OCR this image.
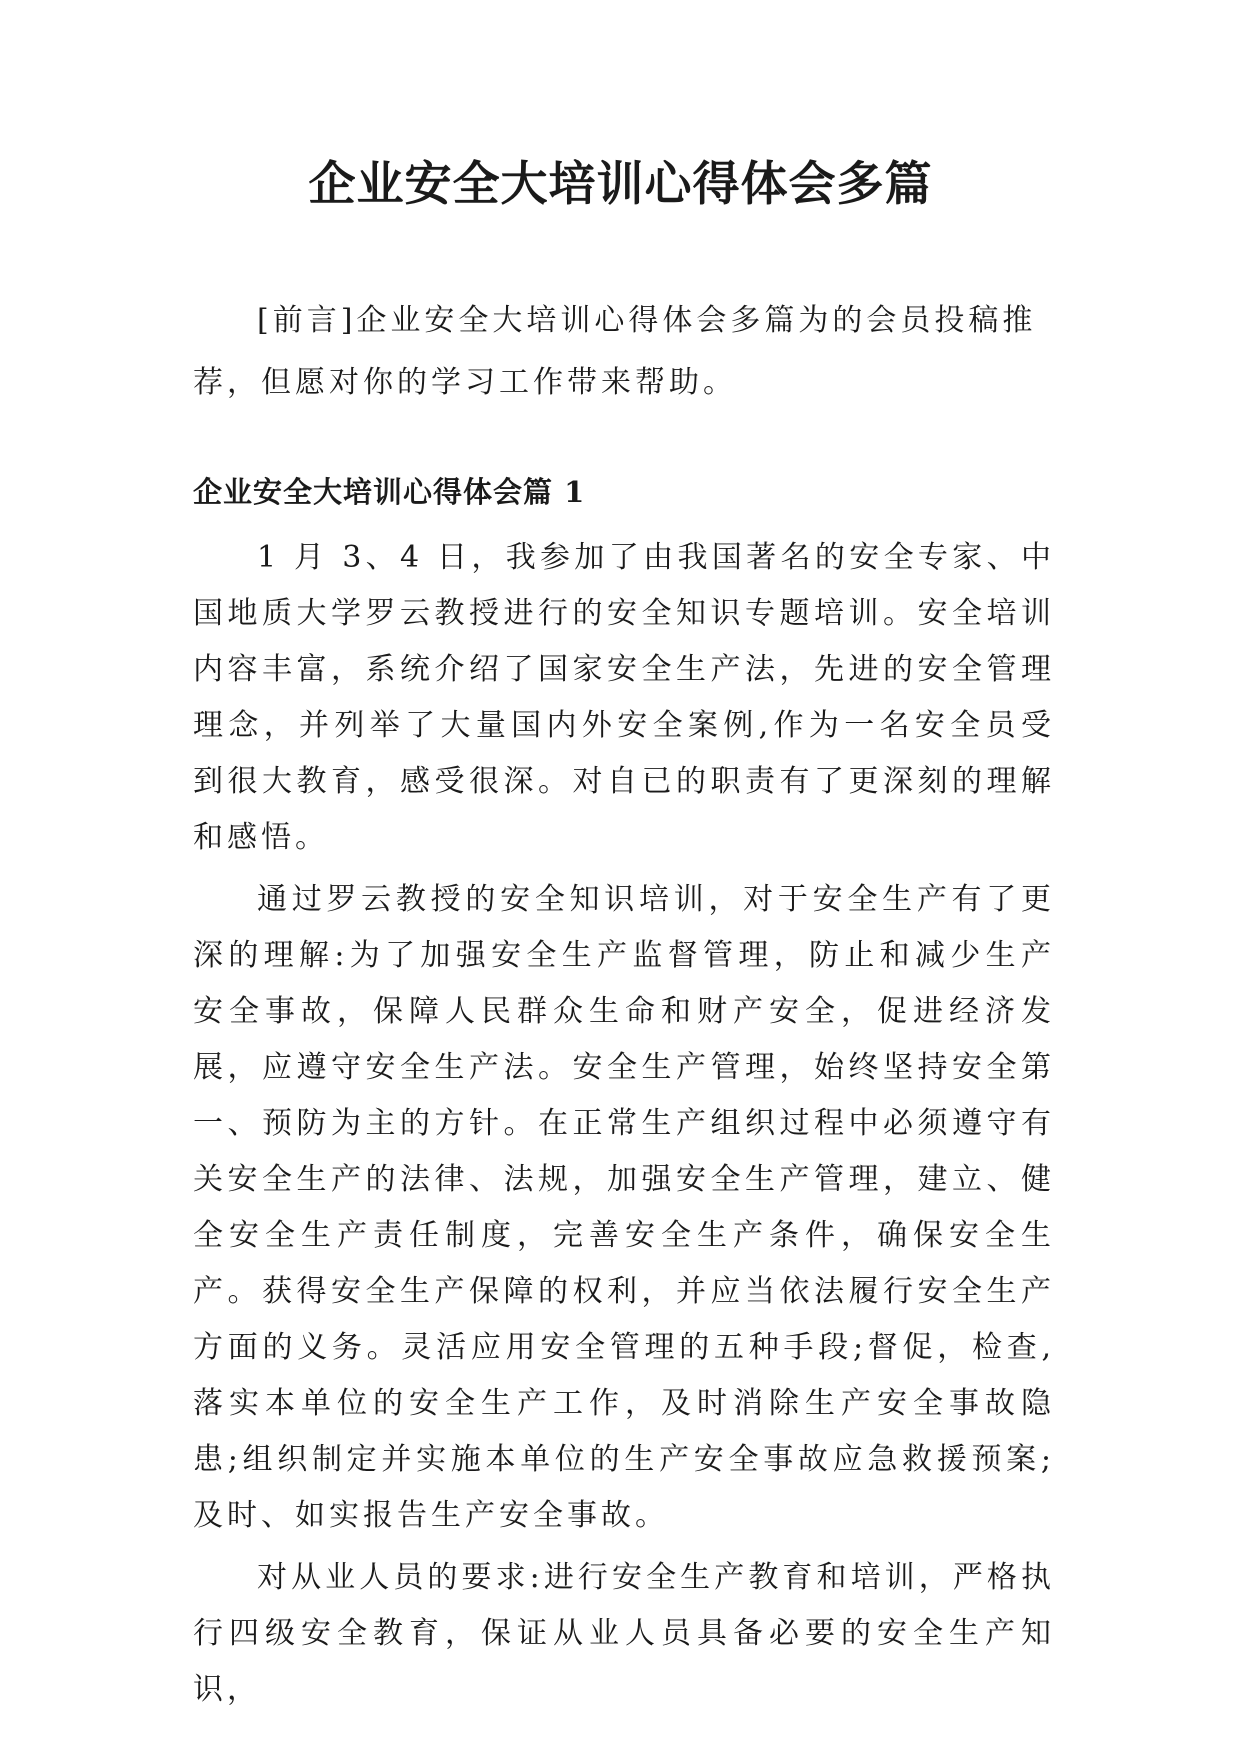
企业安全大培训心得体会多篇

[前言]企业安全大培训心得体会多篇为的会员投稿推荐，但愿对你的学习工作带来帮助。

企业安全大培训心得体会篇 1

1 月 3、4 日，我参加了由我国著名的安全专家、中国地质大学罗云教授进行的安全知识专题培训。安全培训内容丰富，系统介绍了国家安全生产法，先进的安全管理理念，并列举了大量国内外安全案例,作为一名安全员受到很大教育，感受很深。对自已的职责有了更深刻的理解和感悟。

通过罗云教授的安全知识培训，对于安全生产有了更深的理解:为了加强安全生产监督管理，防止和减少生产安全事故，保障人民群众生命和财产安全，促进经济发展，应遵守安全生产法。安全生产管理，始终坚持安全第一、预防为主的方针。在正常生产组织过程中必须遵守有关安全生产的法律、法规，加强安全生产管理，建立、健全安全生产责任制度，完善安全生产条件，确保安全生产。获得安全生产保障的权利，并应当依法履行安全生产方面的义务。灵活应用安全管理的五种手段;督促，检查,落实本单位的安全生产工作，及时消除生产安全事故隐患;组织制定并实施本单位的生产安全事故应急救援预案;及时、如实报告生产安全事故。

对从业人员的要求:进行安全生产教育和培训，严格执行四级安全教育，保证从业人员具备必要的安全生产知识，
